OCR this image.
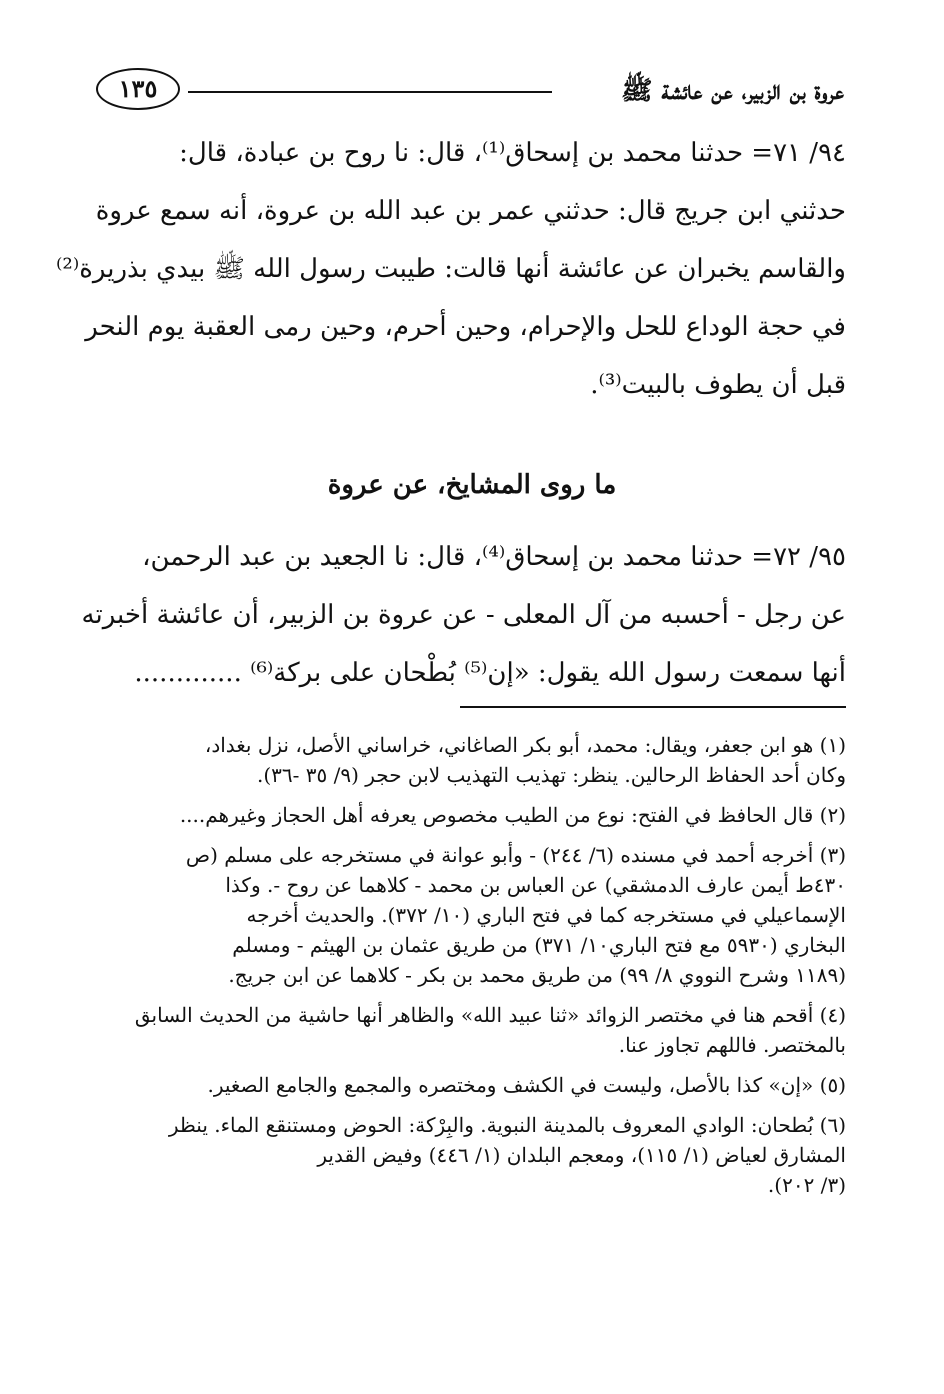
عروة بن الزبير، عن عائشة ﷺ
١٣٥
٩٤/ ٧١= حدثنا محمد بن إسحاق⁽¹⁾، قال: نا روح بن عبادة، قال:
حدثني ابن جريج قال: حدثني عمر بن عبد الله بن عروة، أنه سمع عروة
والقاسم يخبران عن عائشة أنها قالت: طيبت رسول الله ﷺ بيدي بذريرة⁽²⁾
في حجة الوداع للحل والإحرام، وحين أحرم، وحين رمى العقبة يوم النحر
قبل أن يطوف بالبيت⁽³⁾.
ما روى المشايخ، عن عروة
٩٥/ ٧٢= حدثنا محمد بن إسحاق⁽⁴⁾، قال: نا الجعيد بن عبد الرحمن،
عن رجل - أحسبه من آل المعلى - عن عروة بن الزبير، أن عائشة أخبرته
أنها سمعت رسول الله يقول: «إن⁽⁵⁾ بُطْحان على بركة⁽⁶⁾ .............
(١) هو ابن جعفر، ويقال: محمد، أبو بكر الصاغاني، خراساني الأصل، نزل بغداد،
وكان أحد الحفاظ الرحالين. ينظر: تهذيب التهذيب لابن حجر (٩/ ٣٥ -٣٦).
(٢) قال الحافظ في الفتح: نوع من الطيب مخصوص يعرفه أهل الحجاز وغيرهم....
(٣) أخرجه أحمد في مسنده (٦/ ٢٤٤) - وأبو عوانة في مستخرجه على مسلم (ص
٤٣٠ط أيمن عارف الدمشقي) عن العباس بن محمد - كلاهما عن روح -. وكذا
الإسماعيلي في مستخرجه كما في فتح الباري (١٠/ ٣٧٢). والحديث أخرجه
البخاري (٥٩٣٠ مع فتح الباري١٠/ ٣٧١) من طريق عثمان بن الهيثم - ومسلم
(١١٨٩ وشرح النووي ٨/ ٩٩) من طريق محمد بن بكر - كلاهما عن ابن جريج.
(٤) أقحم هنا في مختصر الزوائد «ثنا عبيد الله» والظاهر أنها حاشية من الحديث السابق
بالمختصر. فاللهم تجاوز عنا.
(٥) «إن» كذا بالأصل، وليست في الكشف ومختصره والمجمع والجامع الصغير.
(٦) بُطحان: الوادي المعروف بالمدينة النبوية. والبِرْكة: الحوض ومستنقع الماء. ينظر
المشارق لعياض (١/ ١١٥)، ومعجم البلدان (١/ ٤٤٦) وفيض القدير
(٣/ ٢٠٢).
